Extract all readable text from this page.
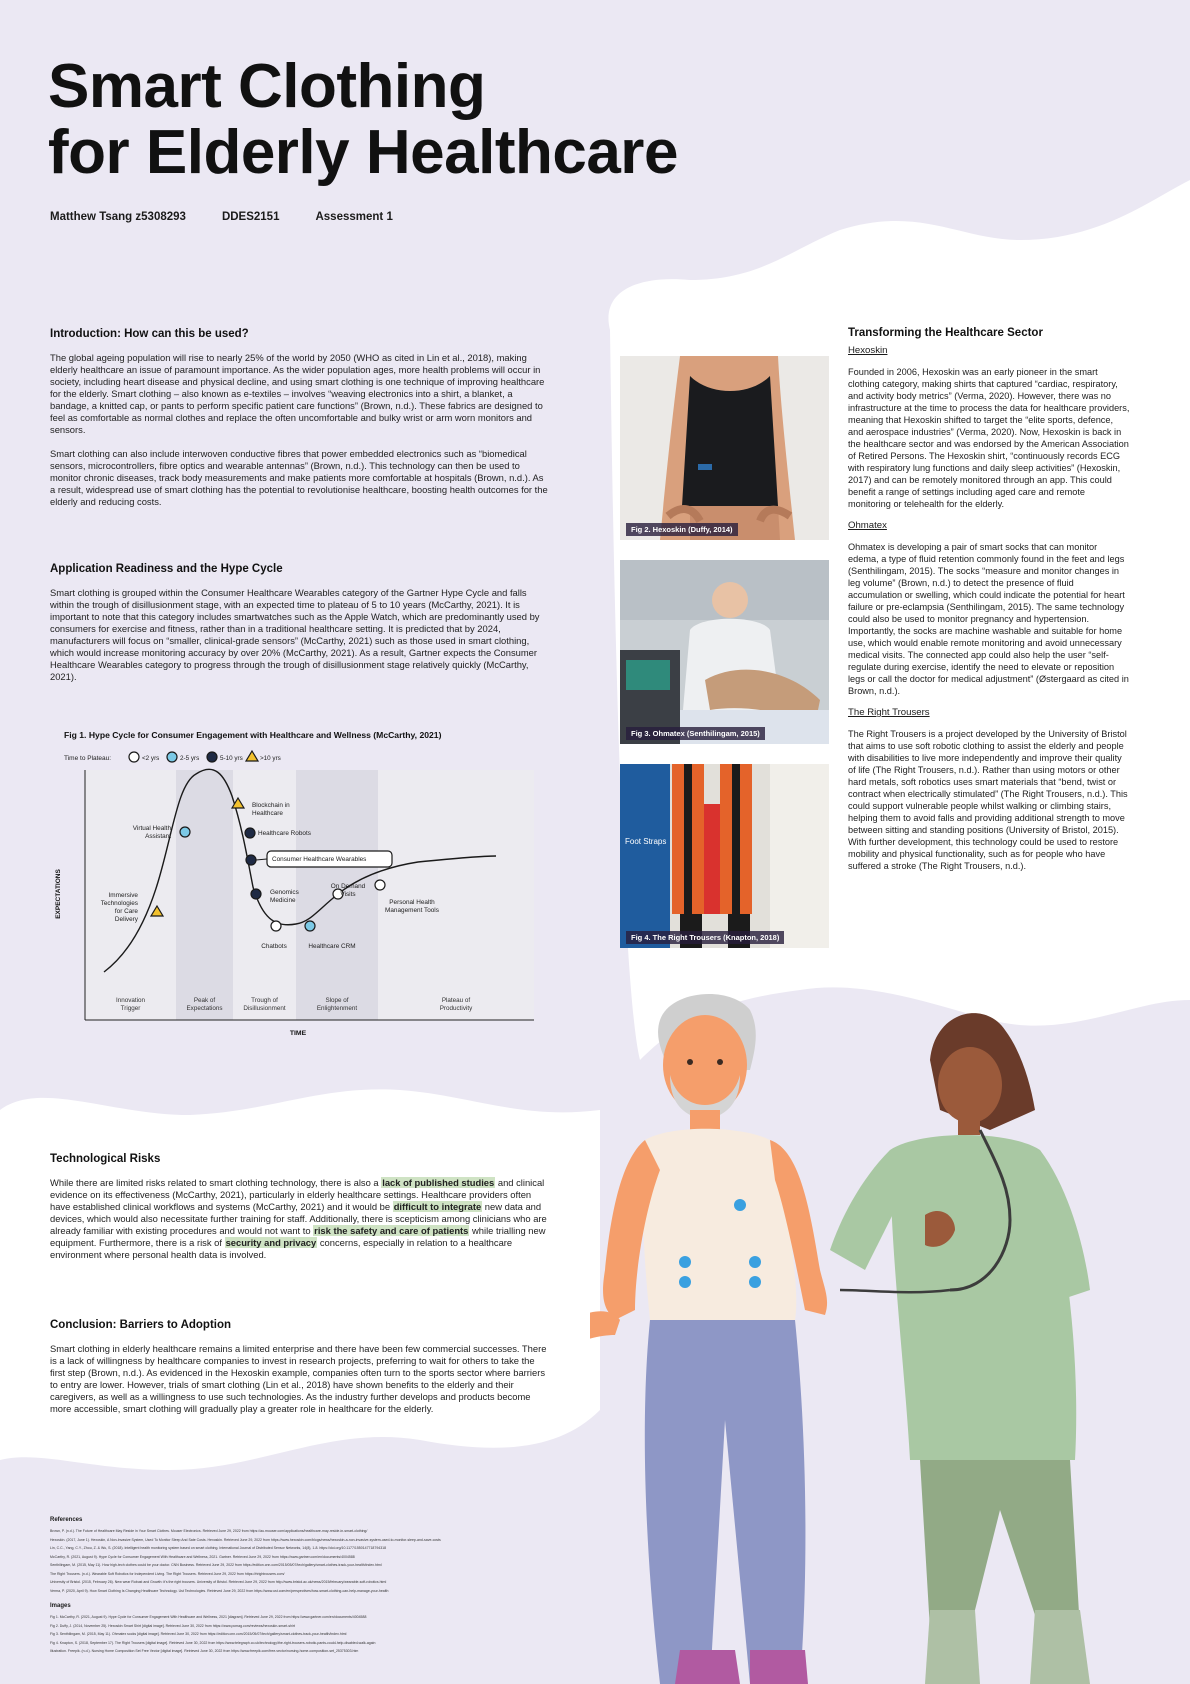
Smart Clothing
for Elderly Healthcare
Matthew Tsang z5308293	DDES2151	Assessment 1
Introduction: How can this be used?

The global ageing population will rise to nearly 25% of the world by 2050 (WHO as cited in Lin et al., 2018), making elderly healthcare an issue of paramount importance. As the wider population ages, more health problems will occur in society, including heart disease and physical decline, and using smart clothing is one technique of improving healthcare for the elderly. Smart clothing – also known as e-textiles – involves “weaving electronics into a shirt, a blanket, a bandage, a knitted cap, or pants to perform specific patient care functions” (Brown, n.d.). These fabrics are designed to feel as comfortable as normal clothes and replace the often uncomfortable and bulky wrist or arm worn monitors and sensors.

Smart clothing can also include interwoven conductive fibres that power embedded electronics such as “biomedical sensors, microcontrollers, fibre optics and wearable antennas” (Brown, n.d.). This technology can then be used to monitor chronic diseases, track body measurements and make patients more comfortable at hospitals (Brown, n.d.). As a result, widespread use of smart clothing has the potential to revolutionise healthcare, boosting health outcomes for the elderly and reducing costs.

Application Readiness and the Hype Cycle

Smart clothing is grouped within the Consumer Healthcare Wearables category of the Gartner Hype Cycle and falls within the trough of disillusionment stage, with an expected time to plateau of 5 to 10 years (McCarthy, 2021). It is important to note that this category includes smartwatches such as the Apple Watch, which are predominantly used by consumers for exercise and fitness, rather than in a traditional healthcare setting. It is predicted that by 2024, manufacturers will focus on “smaller, clinical-grade sensors” (McCarthy, 2021) such as those used in smart clothing, which would increase monitoring accuracy by over 20% (McCarthy, 2021). As a result, Gartner expects the Consumer Healthcare Wearables category to progress through the trough of disillusionment stage relatively quickly (McCarthy, 2021).

Fig 1. Hype Cycle for Consumer Engagement with Healthcare and Wellness (McCarthy, 2021)
Time to Plateau:	<2 yrs	2-5 yrs	5-10 yrs	>10 yrs
Innovation Trigger
Peak of Expectations
Trough of Disillusionment
Slope of Enlightenment
Plateau of Productivity
Immersive Technologies for Care Delivery
Virtual Health Assistant
Blockchain in Healthcare
Healthcare Robots
Consumer Healthcare Wearables
Genomics Medicine
Chatbots	Healthcare CRM
On Demand Visits
Personal Health Management Tools
TIME
EXPECTATIONS
Technological Risks

While there are limited risks related to smart clothing technology, there is also a lack of published studies and clinical evidence on its effectiveness (McCarthy, 2021), particularly in elderly healthcare settings. Healthcare providers often have established clinical workflows and systems (McCarthy, 2021) and it would be difficult to integrate new data and devices, which would also necessitate further training for staff. Additionally, there is scepticism among clinicians who are already familiar with existing procedures and would not want to risk the safety and care of patients while trialling new equipment. Furthermore, there is a risk of security and privacy concerns, especially in relation to a healthcare environment where personal health data is involved.

Conclusion: Barriers to Adoption

Smart clothing in elderly healthcare remains a limited enterprise and there have been few commercial successes. There is a lack of willingness by healthcare companies to invest in research projects, preferring to wait for others to take the first step (Brown, n.d.). As evidenced in the Hexoskin example, companies often turn to the sports sector where barriers to entry are lower. However, trials of smart clothing (Lin et al., 2018) have shown benefits to the elderly and their caregivers, as well as a willingness to use such technologies. As the industry further develops and products become more accessible, smart clothing will gradually play a greater role in healthcare for the elderly.

Fig 2. Hexoskin (Duffy, 2014)
Fig 3. Ohmatex (Senthilingam, 2015)
Foot Straps
Fig 4. The Right Trousers (Knapton, 2018)
Transforming the Healthcare Sector
Hexoskin

Founded in 2006, Hexoskin was an early pioneer in the smart clothing category, making shirts that captured “cardiac, respiratory, and activity body metrics” (Verma, 2020). However, there was no infrastructure at the time to process the data for healthcare providers, meaning that Hexoskin shifted to target the “elite sports, defence, and aerospace industries” (Verma, 2020). Now, Hexoskin is back in the healthcare sector and was endorsed by the American Association of Retired Persons. The Hexoskin shirt, “continuously records ECG with respiratory lung functions and daily sleep activities” (Hexoskin, 2017) and can be remotely monitored through an app. This could benefit a range of settings including aged care and remote monitoring or telehealth for the elderly.

Ohmatex

Ohmatex is developing a pair of smart socks that can monitor edema, a type of fluid retention commonly found in the feet and legs (Senthilingam, 2015). The socks “measure and monitor changes in leg volume” (Brown, n.d.) to detect the presence of fluid accumulation or swelling, which could indicate the potential for heart failure or pre-eclampsia (Senthilingam, 2015). The same technology could also be used to monitor pregnancy and hypertension. Importantly, the socks are machine washable and suitable for home use, which would enable remote monitoring and avoid unnecessary medical visits. The connected app could also help the user “self-regulate during exercise, identify the need to elevate or reposition legs or call the doctor for medical adjustment” (Østergaard as cited in Brown, n.d.).

The Right Trousers

The Right Trousers is a project developed by the University of Bristol that aims to use soft robotic clothing to assist the elderly and people with disabilities to live more independently and improve their quality of life (The Right Trousers, n.d.). Rather than using motors or other hard metals, soft robotics uses smart materials that “bend, twist or contract when electrically stimulated” (The Right Trousers, n.d.). This could support vulnerable people whilst walking or climbing stairs, helping them to avoid falls and providing additional strength to move between sitting and standing positions (University of Bristol, 2015). With further development, this technology could be used to restore mobility and physical functionality, such as for people who have suffered a stroke (The Right Trousers, n.d.).

References
Brown, P. (n.d.). The Future of Healthcare May Reside in Your Smart Clothes. Mouser Electronics. Retrieved June 29, 2022 from https://au.mouser.com/applications/healthcare-may-reside-in-smart-clothing/
Hexoskin. (2017, June 1). Hexoskin, A Non-Invasive System, Used To Monitor Sleep And Sate Costs. Hexoskin. Retrieved June 29, 2022 from https://www.hexoskin.com/blogs/news/hexoskin-a-non-invasive-system-used-to-monitor-sleep-and-save-costs
Lin, C.C., Yang, C.Y., Zhou, Z. & Wu, S. (2018). Intelligent health monitoring system based on smart clothing. International Journal of Distributed Sensor Networks, 14(8), 1-8. https://doi.org/10.1177/1550147718794318
McCarthy, R. (2021, August 9). Hype Cycle for Consumer Engagement With Healthcare and Wellness, 2021. Gartner. Retrieved June 29, 2022 from https://www.gartner.com/en/documents/4004588
Senthilingam, M. (2015, May 11). How high-tech clothes could be your doctor. CNN Business. Retrieved June 29, 2022 from https://edition.cnn.com/2015/05/07/tech/gallery/smart-clothes-track-your-health/index.html
The Right Trousers. (n.d.). Wearable Soft Robotics for Independent Living. The Right Trousers. Retrieved June 29, 2022 from https://rtrightrousers.com/
University of Bristol. (2015, February 26). New wear Robust and Growth: it's the right trousers. University of Bristol. Retrieved June 29, 2022 from http://www.bristol.ac.uk/news/2015/february/wearable-soft-robotics.html
Verma, P. (2020, April 9). How Smart Clothing Is Changing Healthcare Technology. Ust Technologies. Retrieved June 29, 2022 from https://www.ust.com/en/perspectives/how-smart-clothing-can-help-manage-your-health
Images
Fig 1. McCarthy, R. (2021, August 9). Hype Cycle for Consumer Engagement With Healthcare and Wellness, 2021 [diagram]. Retrieved June 29, 2022 from https://www.gartner.com/en/documents/4004588
Fig 2. Duffy, J. (2014, November 25). Hexoskin Smart Shirt [digital image]. Retrieved June 30, 2022 from https://www.pcmag.com/reviews/hexoskin-smart-shirt
Fig 3. Senthilingam, M. (2015, May 11). Ohmatex socks [digital image]. Retrieved June 30, 2022 from https://edition.cnn.com/2015/05/07/tech/gallery/smart-clothes-track-your-health/index.html
Fig 4. Knapton, S. (2018, September 17). The Right Trousers [digital image]. Retrieved June 30, 2022 from https://www.telegraph.co.uk/technology/the-right-trousers-robotic-pants-could-help-disabled-walk-again
Illustration. Freepik. (n.d.). Nursing Home Composition Set Free Vector [digital image]. Retrieved June 30, 2022 from https://www.freepik.com/free-vector/nursing-home-composition-set_25375303.htm
